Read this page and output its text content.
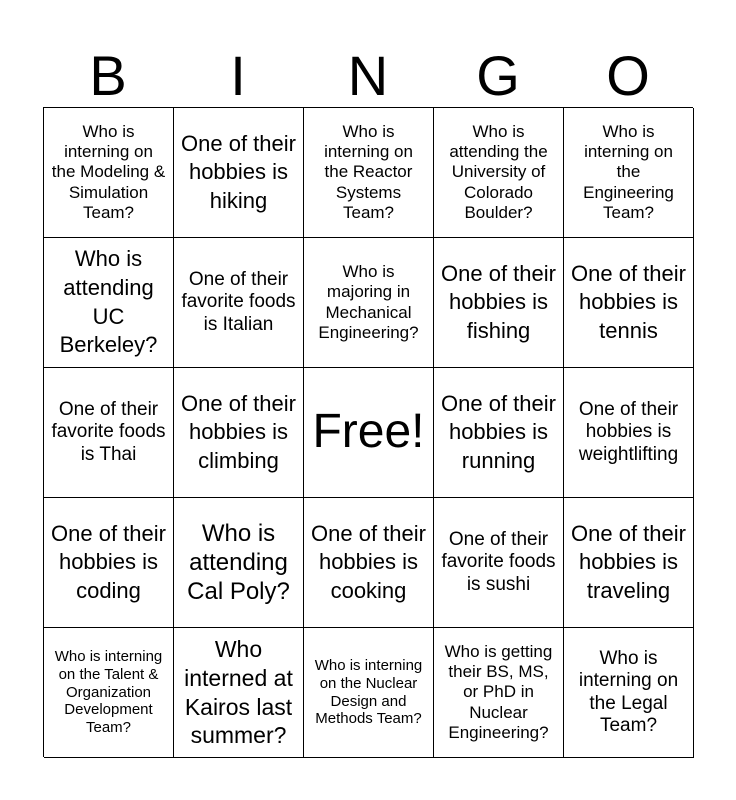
B	I	N	G	O
Who is interning on the Modeling & Simulation Team?
One of their hobbies is hiking
Who is interning on the Reactor Systems Team?
Who is attending the University of Colorado Boulder?
Who is interning on the Engineering Team?
Who is attending UC Berkeley?
One of their favorite foods is Italian
Who is majoring in Mechanical Engineering?
One of their hobbies is fishing
One of their hobbies is tennis
One of their favorite foods is Thai
One of their hobbies is climbing
Free!
One of their hobbies is running
One of their hobbies is weightlifting
One of their hobbies is coding
Who is attending Cal Poly?
One of their hobbies is cooking
One of their favorite foods is sushi
One of their hobbies is traveling
Who is interning on the Talent & Organization Development Team?
Who interned at Kairos last summer?
Who is interning on the Nuclear Design and Methods Team?
Who is getting their BS, MS, or PhD in Nuclear Engineering?
Who is interning on the Legal Team?
